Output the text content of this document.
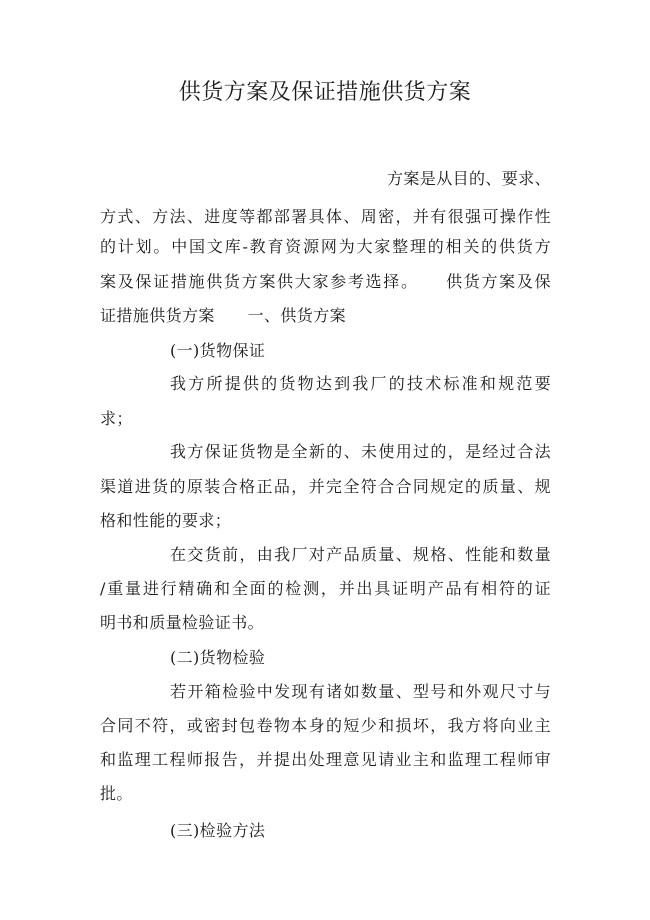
供货方案及保证措施供货方案
方案是从目的、要求、
方式、方法、进度等都部署具体、周密，并有很强可操作性
的计划。中国文库-教育资源网为大家整理的相关的供货方
案及保证措施供货方案供大家参考选择。　　供货方案及保
证措施供货方案　　一、供货方案
(一)货物保证
我方所提供的货物达到我厂的技术标准和规范要
求；
我方保证货物是全新的、未使用过的，是经过合法
渠道进货的原装合格正品，并完全符合合同规定的质量、规
格和性能的要求；
在交货前，由我厂对产品质量、规格、性能和数量
/重量进行精确和全面的检测，并出具证明产品有相符的证
明书和质量检验证书。
(二)货物检验
若开箱检验中发现有诸如数量、型号和外观尺寸与
合同不符，或密封包卷物本身的短少和损坏，我方将向业主
和监理工程师报告，并提出处理意见请业主和监理工程师审
批。
(三)检验方法
